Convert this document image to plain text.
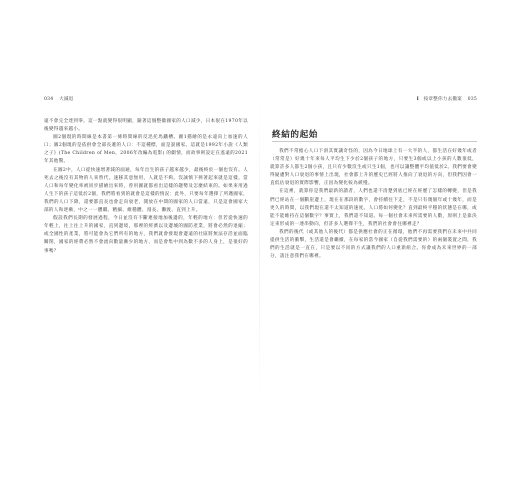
034 大滅退	I 按章整你力去撤案 035

遠不會完全達到零。這一點就變得很明顯，隨著這個整徽國家的人口減少，日本很在1970年以後變得越來越小。

圖2個現的時間線是本書第一條時間線的反迅托馬鐵槽。圖1描繪的是永遠向上加速的人口；圖2個現的是依供會全部長遞的人口：不這種標，面是說國家。這就是1992年小說《人類之子》(The Children of Men，2006年改編為電影) 的劇情，而故事則設定在遙遠的2021年其他驚。

在圖2中，人口從快速增著減的面通，每年出生的孩子越來越少，最後終於一個也沒有。人死去之後沒有其物的人來替代。速移其惡無用，人就是不夠。沒誠慎下摔著起來就是這樣。當人口和每年變化率被同步描繪出來時，曾用圖就都看出這樣的趨勢及怎麼結束的。如果來用過人生下的孩子這低於2個，我們將看到的就會是這樣的情況：此外，只要每年選擇了所邁國家，我們的人口下降，還要都直長也會走向衰老，開放在中間的國家的人口當遠，只是這會國家大部的人和逐漸，中之一一體職、精細、維穩體、漫長、灘渡、直到上升。

假設我們長期的發展過程，今日並沒有不斷連接地加後邊的，年輕的地方：但若從快速的年輕上，往上往上升的國家，直到邊境，那裡的經濟以及邊城的國防產業，將會必然的退縮；或全國性的產業，將可能會為它們所有的地方，我們就會發現會邊遠的社區將無法存活並面臨關閉，國家的經費必然不會流向數量漸少的地方，而是會集中到為數不多的人身上，是很好的事嗎？

終結的起始

我們不常擔心人口下滑其實讓奇怪的，因為今日地球上有一大半的人，都生活在好幾年或者（常常是）好幾十年來每人平均生下少於2個孩子的地方，只要生3個或以上小孩的人數很低，就算許多人都生2個小孩，且只有少數沒生或只生1個，也可以讓整體平均值低於2。我們要會變得疑慮對人口衰退的事情上出現，社會都上升的歷史已經將人推向了衰退的方向，但我們因會一直低估衰退的實際影響，正因為變化較為緩慢。

在這裡，就算你是我們最新的讀者，人們也還不清楚到底已經在經歷了怎樣的轉變，但是我們已經站在一個斷崖邊上，現在在那段的數字，會持續往下走，不是只有幾個年或十幾年，而是更久的時間，以我們現在還不太知道的速度。人口將如何變化？直到最終平穩的狀態是在哪，或能不能維持在這個數字？事實上，我們還不知道。每一個社會未來所需要的人數，原則上是靠決定來形成的一連串動向，但許多人選擇不生，我們的社會會往哪裡走？

我們的後代（或其他人的後代）都是供應社會的正在循環，他們不再需要我們在未來中共同提供生活的衝擊，生活還是會繼續，在每家的當今國家（自從我們需要的）的兩個裝置之間，我們的生活就是一直在，只是要以不同的方式讓我們的人口重新組合。你會成為未來世界的一部分，請注意我們在哪裡。
